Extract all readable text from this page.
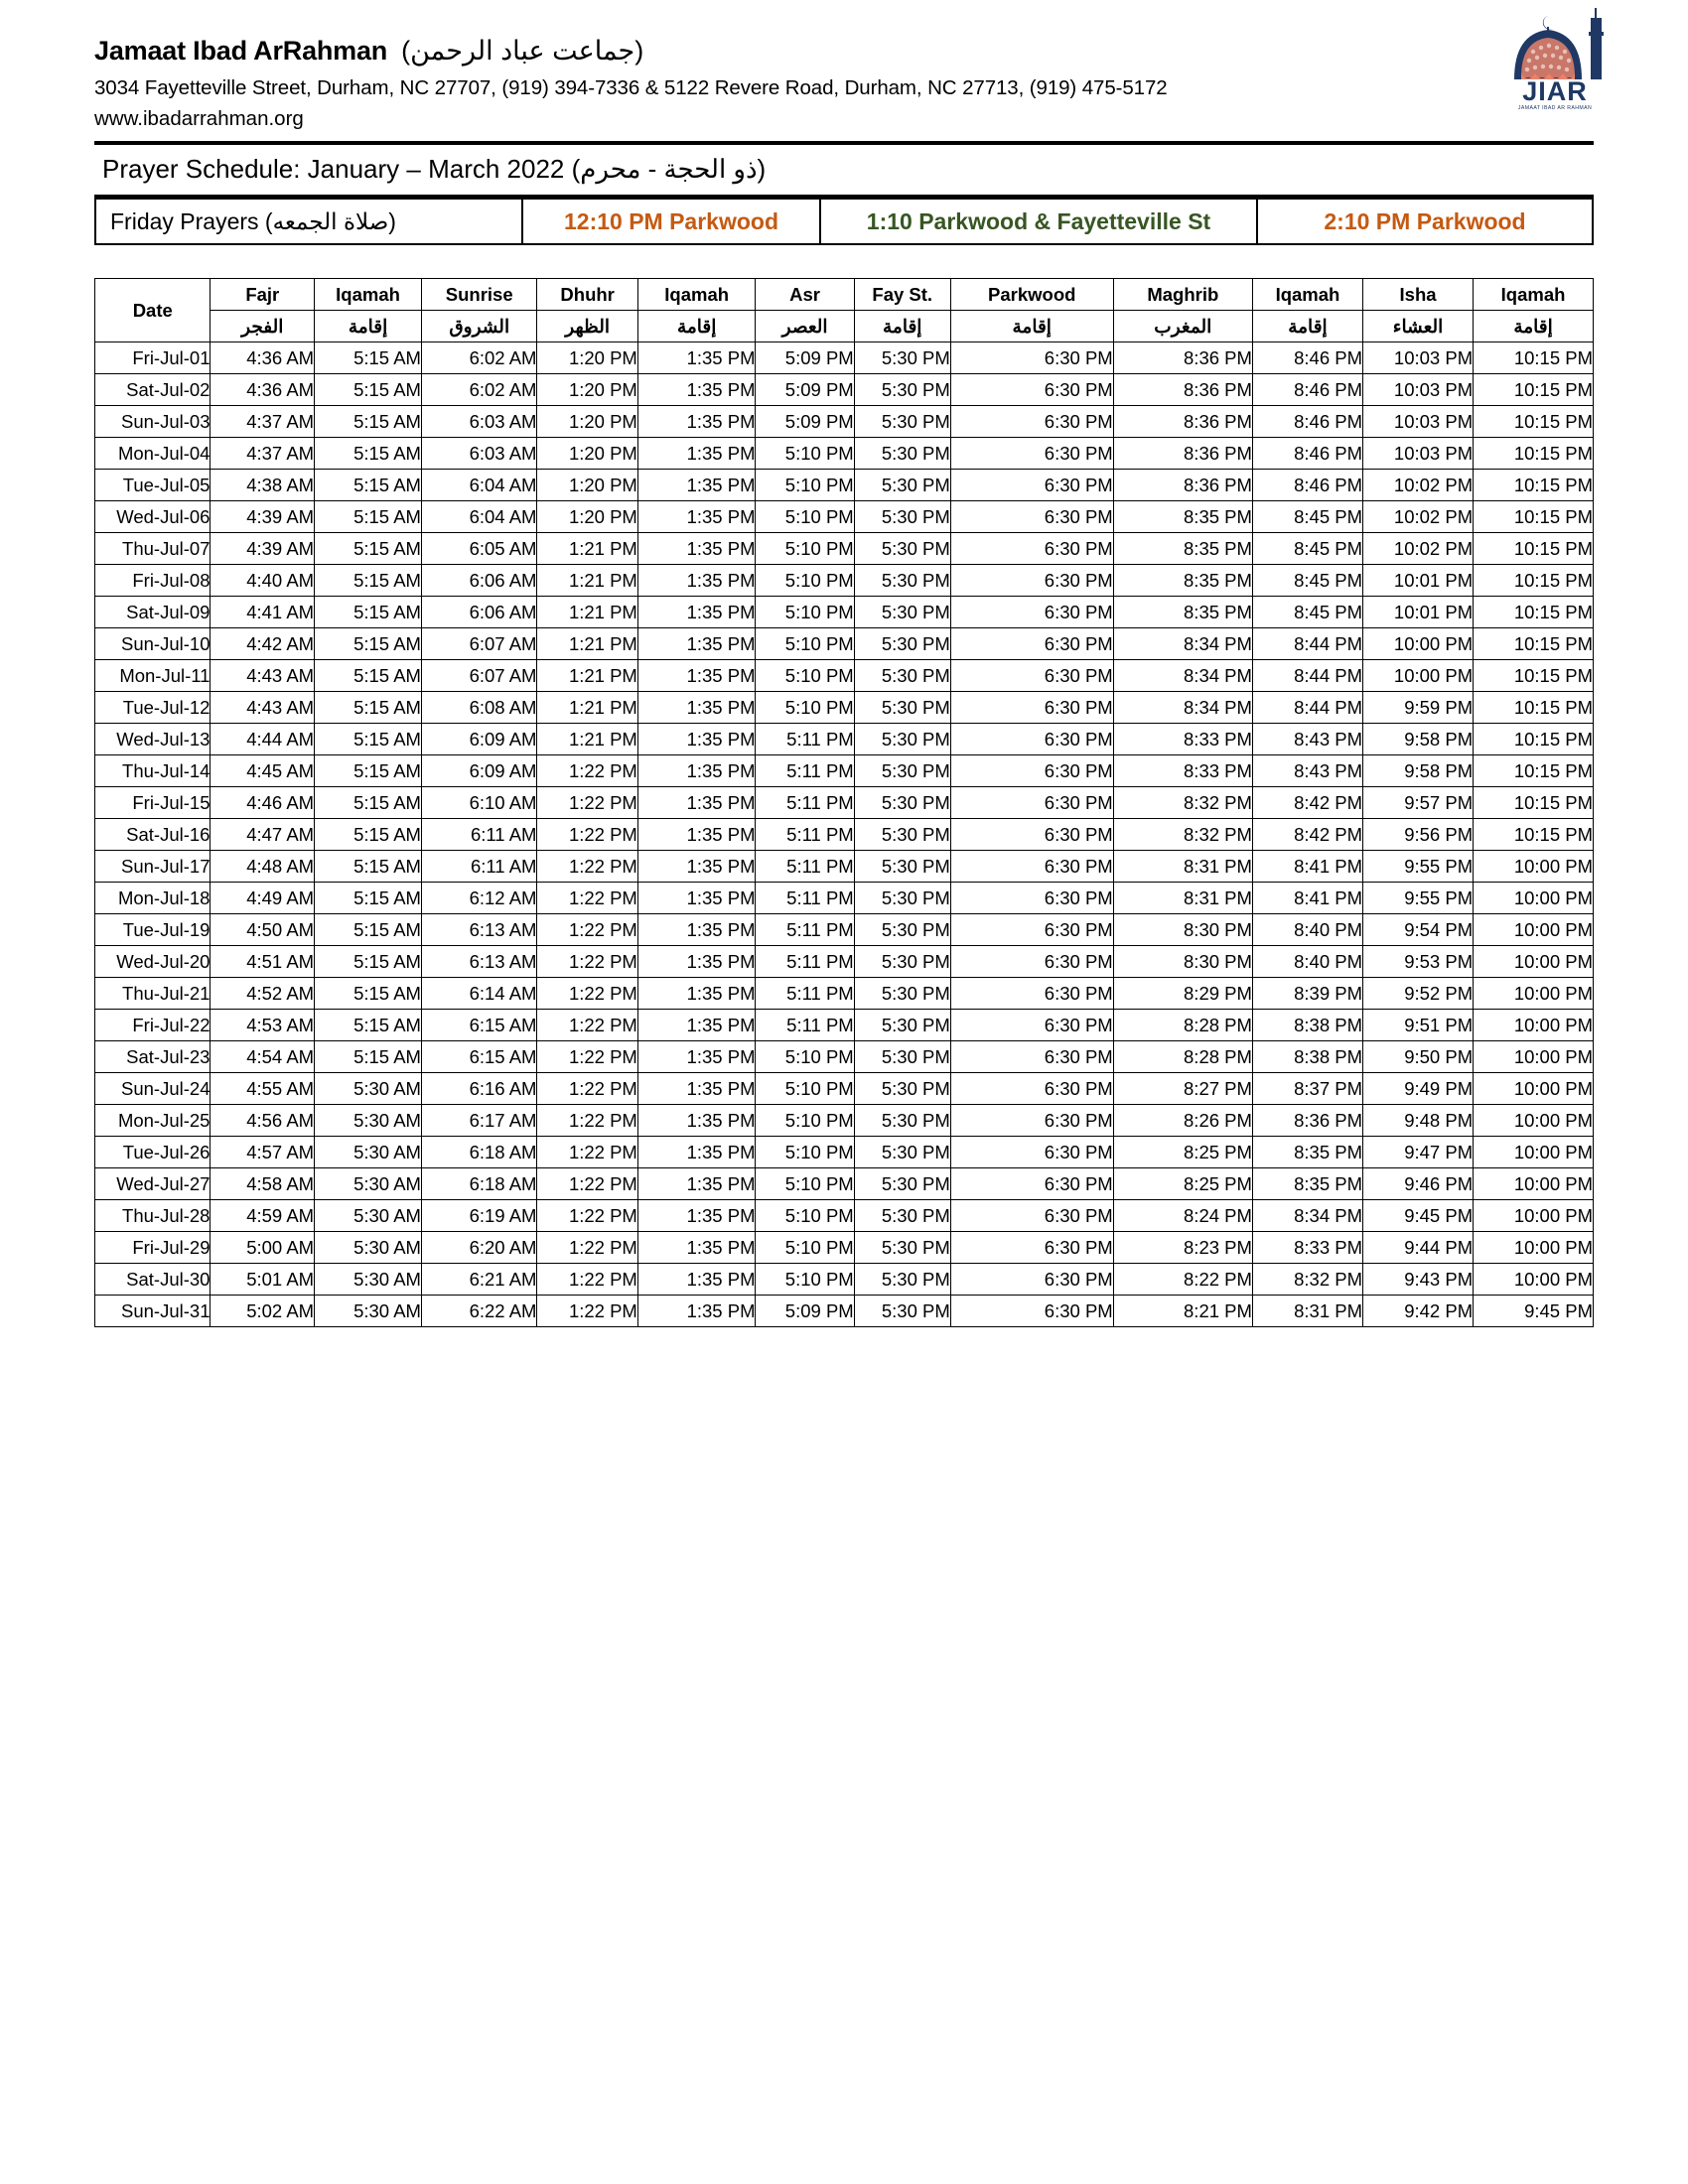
Jamaat Ibad ArRahman (جماعت عباد الرحمن)
3034 Fayetteville Street, Durham, NC 27707, (919) 394-7336 & 5122 Revere Road, Durham, NC 27713, (919) 475-5172
www.ibadarrahman.org
JIAR
JAMAAT IBAD AR RAHMAN
Prayer Schedule: January – March 2022 (ذو الحجة - محرم)
Friday Prayers (صلاة الجمعه)	12:10 PM Parkwood	1:10 Parkwood & Fayetteville St	2:10 PM Parkwood
Date	Fajr	Iqamah	Sunrise	Dhuhr	Iqamah	Asr	Fay St.	Parkwood	Maghrib	Iqamah	Isha	Iqamah
	الفجر	إقامة	الشروق	الظهر	إقامة	العصر	إقامة	إقامة	المغرب	إقامة	العشاء	إقامة
Fri-Jul-01	4:36 AM	5:15 AM	6:02 AM	1:20 PM	1:35 PM	5:09 PM	5:30 PM	6:30 PM	8:36 PM	8:46 PM	10:03 PM	10:15 PM
Sat-Jul-02	4:36 AM	5:15 AM	6:02 AM	1:20 PM	1:35 PM	5:09 PM	5:30 PM	6:30 PM	8:36 PM	8:46 PM	10:03 PM	10:15 PM
Sun-Jul-03	4:37 AM	5:15 AM	6:03 AM	1:20 PM	1:35 PM	5:09 PM	5:30 PM	6:30 PM	8:36 PM	8:46 PM	10:03 PM	10:15 PM
Mon-Jul-04	4:37 AM	5:15 AM	6:03 AM	1:20 PM	1:35 PM	5:10 PM	5:30 PM	6:30 PM	8:36 PM	8:46 PM	10:03 PM	10:15 PM
Tue-Jul-05	4:38 AM	5:15 AM	6:04 AM	1:20 PM	1:35 PM	5:10 PM	5:30 PM	6:30 PM	8:36 PM	8:46 PM	10:02 PM	10:15 PM
Wed-Jul-06	4:39 AM	5:15 AM	6:04 AM	1:20 PM	1:35 PM	5:10 PM	5:30 PM	6:30 PM	8:35 PM	8:45 PM	10:02 PM	10:15 PM
Thu-Jul-07	4:39 AM	5:15 AM	6:05 AM	1:21 PM	1:35 PM	5:10 PM	5:30 PM	6:30 PM	8:35 PM	8:45 PM	10:02 PM	10:15 PM
Fri-Jul-08	4:40 AM	5:15 AM	6:06 AM	1:21 PM	1:35 PM	5:10 PM	5:30 PM	6:30 PM	8:35 PM	8:45 PM	10:01 PM	10:15 PM
Sat-Jul-09	4:41 AM	5:15 AM	6:06 AM	1:21 PM	1:35 PM	5:10 PM	5:30 PM	6:30 PM	8:35 PM	8:45 PM	10:01 PM	10:15 PM
Sun-Jul-10	4:42 AM	5:15 AM	6:07 AM	1:21 PM	1:35 PM	5:10 PM	5:30 PM	6:30 PM	8:34 PM	8:44 PM	10:00 PM	10:15 PM
Mon-Jul-11	4:43 AM	5:15 AM	6:07 AM	1:21 PM	1:35 PM	5:10 PM	5:30 PM	6:30 PM	8:34 PM	8:44 PM	10:00 PM	10:15 PM
Tue-Jul-12	4:43 AM	5:15 AM	6:08 AM	1:21 PM	1:35 PM	5:10 PM	5:30 PM	6:30 PM	8:34 PM	8:44 PM	9:59 PM	10:15 PM
Wed-Jul-13	4:44 AM	5:15 AM	6:09 AM	1:21 PM	1:35 PM	5:11 PM	5:30 PM	6:30 PM	8:33 PM	8:43 PM	9:58 PM	10:15 PM
Thu-Jul-14	4:45 AM	5:15 AM	6:09 AM	1:22 PM	1:35 PM	5:11 PM	5:30 PM	6:30 PM	8:33 PM	8:43 PM	9:58 PM	10:15 PM
Fri-Jul-15	4:46 AM	5:15 AM	6:10 AM	1:22 PM	1:35 PM	5:11 PM	5:30 PM	6:30 PM	8:32 PM	8:42 PM	9:57 PM	10:15 PM
Sat-Jul-16	4:47 AM	5:15 AM	6:11 AM	1:22 PM	1:35 PM	5:11 PM	5:30 PM	6:30 PM	8:32 PM	8:42 PM	9:56 PM	10:15 PM
Sun-Jul-17	4:48 AM	5:15 AM	6:11 AM	1:22 PM	1:35 PM	5:11 PM	5:30 PM	6:30 PM	8:31 PM	8:41 PM	9:55 PM	10:00 PM
Mon-Jul-18	4:49 AM	5:15 AM	6:12 AM	1:22 PM	1:35 PM	5:11 PM	5:30 PM	6:30 PM	8:31 PM	8:41 PM	9:55 PM	10:00 PM
Tue-Jul-19	4:50 AM	5:15 AM	6:13 AM	1:22 PM	1:35 PM	5:11 PM	5:30 PM	6:30 PM	8:30 PM	8:40 PM	9:54 PM	10:00 PM
Wed-Jul-20	4:51 AM	5:15 AM	6:13 AM	1:22 PM	1:35 PM	5:11 PM	5:30 PM	6:30 PM	8:30 PM	8:40 PM	9:53 PM	10:00 PM
Thu-Jul-21	4:52 AM	5:15 AM	6:14 AM	1:22 PM	1:35 PM	5:11 PM	5:30 PM	6:30 PM	8:29 PM	8:39 PM	9:52 PM	10:00 PM
Fri-Jul-22	4:53 AM	5:15 AM	6:15 AM	1:22 PM	1:35 PM	5:11 PM	5:30 PM	6:30 PM	8:28 PM	8:38 PM	9:51 PM	10:00 PM
Sat-Jul-23	4:54 AM	5:15 AM	6:15 AM	1:22 PM	1:35 PM	5:10 PM	5:30 PM	6:30 PM	8:28 PM	8:38 PM	9:50 PM	10:00 PM
Sun-Jul-24	4:55 AM	5:30 AM	6:16 AM	1:22 PM	1:35 PM	5:10 PM	5:30 PM	6:30 PM	8:27 PM	8:37 PM	9:49 PM	10:00 PM
Mon-Jul-25	4:56 AM	5:30 AM	6:17 AM	1:22 PM	1:35 PM	5:10 PM	5:30 PM	6:30 PM	8:26 PM	8:36 PM	9:48 PM	10:00 PM
Tue-Jul-26	4:57 AM	5:30 AM	6:18 AM	1:22 PM	1:35 PM	5:10 PM	5:30 PM	6:30 PM	8:25 PM	8:35 PM	9:47 PM	10:00 PM
Wed-Jul-27	4:58 AM	5:30 AM	6:18 AM	1:22 PM	1:35 PM	5:10 PM	5:30 PM	6:30 PM	8:25 PM	8:35 PM	9:46 PM	10:00 PM
Thu-Jul-28	4:59 AM	5:30 AM	6:19 AM	1:22 PM	1:35 PM	5:10 PM	5:30 PM	6:30 PM	8:24 PM	8:34 PM	9:45 PM	10:00 PM
Fri-Jul-29	5:00 AM	5:30 AM	6:20 AM	1:22 PM	1:35 PM	5:10 PM	5:30 PM	6:30 PM	8:23 PM	8:33 PM	9:44 PM	10:00 PM
Sat-Jul-30	5:01 AM	5:30 AM	6:21 AM	1:22 PM	1:35 PM	5:10 PM	5:30 PM	6:30 PM	8:22 PM	8:32 PM	9:43 PM	10:00 PM
Sun-Jul-31	5:02 AM	5:30 AM	6:22 AM	1:22 PM	1:35 PM	5:09 PM	5:30 PM	6:30 PM	8:21 PM	8:31 PM	9:42 PM	9:45 PM
